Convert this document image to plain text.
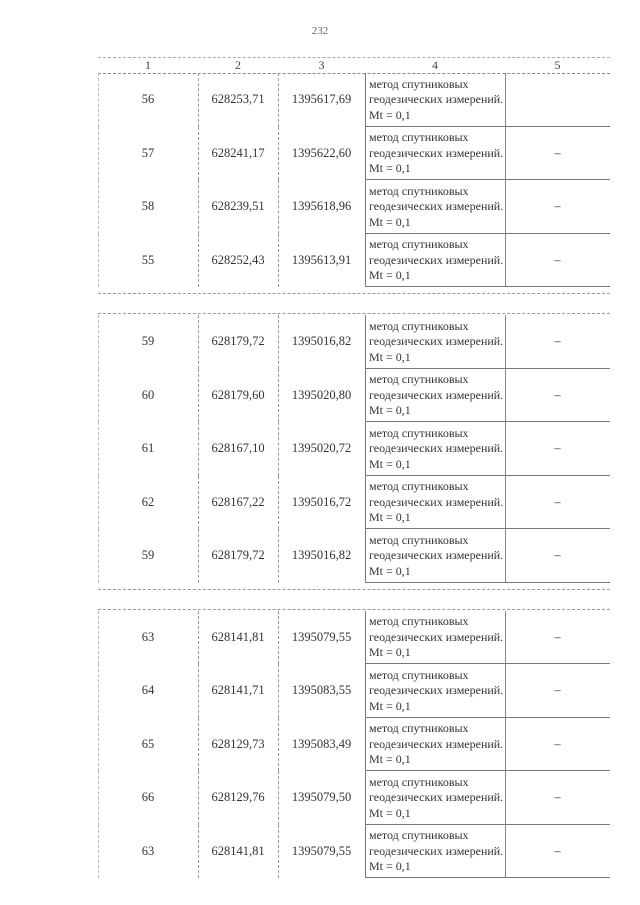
232
1	2	3	4	5
56	628253,71	1395617,69
метод спутниковых геодезических измерений. Mt = 0,1
57	628241,17	1395622,60
метод спутниковых геодезических измерений. Mt = 0,1
–
58	628239,51	1395618,96
метод спутниковых геодезических измерений. Mt = 0,1
–
55	628252,43	1395613,91
метод спутниковых геодезических измерений. Mt = 0,1
–
59	628179,72	1395016,82
метод спутниковых геодезических измерений. Mt = 0,1
–
60	628179,60	1395020,80
метод спутниковых геодезических измерений. Mt = 0,1
–
61	628167,10	1395020,72
метод спутниковых геодезических измерений. Mt = 0,1
–
62	628167,22	1395016,72
метод спутниковых геодезических измерений. Mt = 0,1
–
59	628179,72	1395016,82
метод спутниковых геодезических измерений. Mt = 0,1
–
63	628141,81	1395079,55
метод спутниковых геодезических измерений. Mt = 0,1
–
64	628141,71	1395083,55
метод спутниковых геодезических измерений. Mt = 0,1
–
65	628129,73	1395083,49
метод спутниковых геодезических измерений. Mt = 0,1
–
66	628129,76	1395079,50
метод спутниковых геодезических измерений. Mt = 0,1
–
63	628141,81	1395079,55
метод спутниковых геодезических измерений. Mt = 0,1
–
